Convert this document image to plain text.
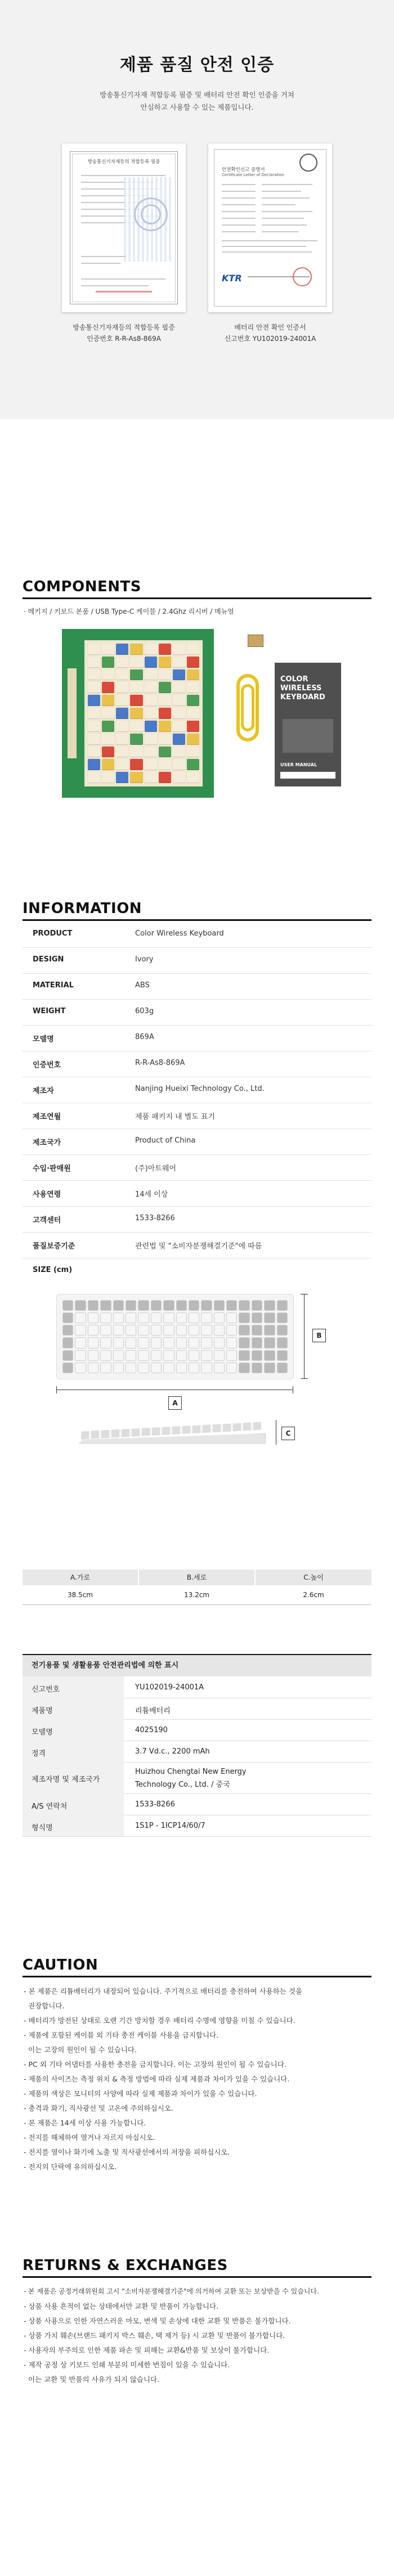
제품 품질 안전 인증
방송통신기자재 적합등록 필증 및 배터리 안전 확인 인증을 거쳐
안심하고 사용할 수 있는 제품입니다.
방송통신기자재등의 적합등록 필증
안전확인신고 증명서
Certificate Letter of Declaration
KTR
방송통신기자재등의 적합등록 필증
인증번호 R-R-As8-869A
배터리 안전 확인 인증서
신고번호 YU102019-24001A
COMPONENTS
· 메키지 / 키보드 본품 / USB Type-C 케이블 / 2.4Ghz 리시버 / 메뉴얼
COLOR
WIRELESS
KEYBOARD
USER MANUAL
INFORMATION
PRODUCT	Color Wireless Keyboard
DESIGN	Ivory
MATERIAL	ABS
WEIGHT	603g
모델명	869A
인증번호	R-R-As8-869A
제조자	Nanjing Hueixi Technology Co., Ltd.
제조연월	제품 패키지 내 별도 표기
제조국가	Product of China
수입·판매원	(주)아트웨어
사용연령	14세 이상
고객센터	1533-8266
품질보증기준	관련법 및 "소비자분쟁해결기준"에 따름
SIZE (cm)
B
A
C
A.가로	B.세로	C.높이
38.5cm	13.2cm	2.6cm
전기용품 및 생활용품 안전관리법에 의한 표시
신고번호	YU102019-24001A
제품명	리튬배터리
모델명	4025190
정격	3.7 Vd.c., 2200 mAh
제조자명 및 제조국가
Huizhou Chengtai New Energy
Technology Co., Ltd. / 중국
A/S 연락처	1533-8266
형식명	1S1P - 1ICP14/60/7
CAUTION
- 본 제품은 리튬배터리가 내장되어 있습니다. 주기적으로 배터리를 충전하여 사용하는 것을
권장합니다.
- 배터리가 방전된 상태로 오랜 기간 방치할 경우 배터리 수명에 영향을 미칠 수 있습니다.
- 제품에 포함된 케이블 외 기타 충전 케이블 사용을 금지합니다.
이는 고장의 원인이 될 수 있습니다.
- PC 외 기타 어댑터를 사용한 충전을 금지합니다. 이는 고장의 원인이 될 수 있습니다.
- 제품의 사이즈는 측정 위치 & 측정 방법에 따라 실제 제품과 차이가 있을 수 있습니다.
- 제품의 색상은 모니터의 사양에 따라 실제 제품과 차이가 있을 수 있습니다.
- 충격과 화기, 직사광선 및 고온에 주의하십시오.
- 본 제품은 14세 이상 사용 가능합니다.
- 전지를 해체하여 열거나 자르지 마십시오.
- 전지를 열이나 화기에 노출 및 직사광선에서의 저장을 피하십시오.
- 전지의 단락에 유의하십시오.
RETURNS & EXCHANGES
- 본 제품은 공정거래위원회 고시 "소비자분쟁해결기준"에 의거하여 교환 또는 보상받을 수 있습니다.
- 상품 사용 흔적이 없는 상태에서만 교환 및 반품이 가능합니다.
- 상품 사용으로 인한 자연스러운 마모, 변색 및 손상에 대한 교환 및 반품은 불가합니다.
- 상품 가치 훼손(브랜드 패키지 박스 훼손, 택 제거 등) 시 교환 및 반품이 불가합니다.
- 사용자의 부주의로 인한 제품 파손 및 피해는 교환&반품 및 보상이 불가합니다.
- 제작 공정 상 키보드 인쇄 부분의 미세한 번짐이 있을 수 있습니다.
이는 교환 및 반품의 사유가 되지 않습니다.
